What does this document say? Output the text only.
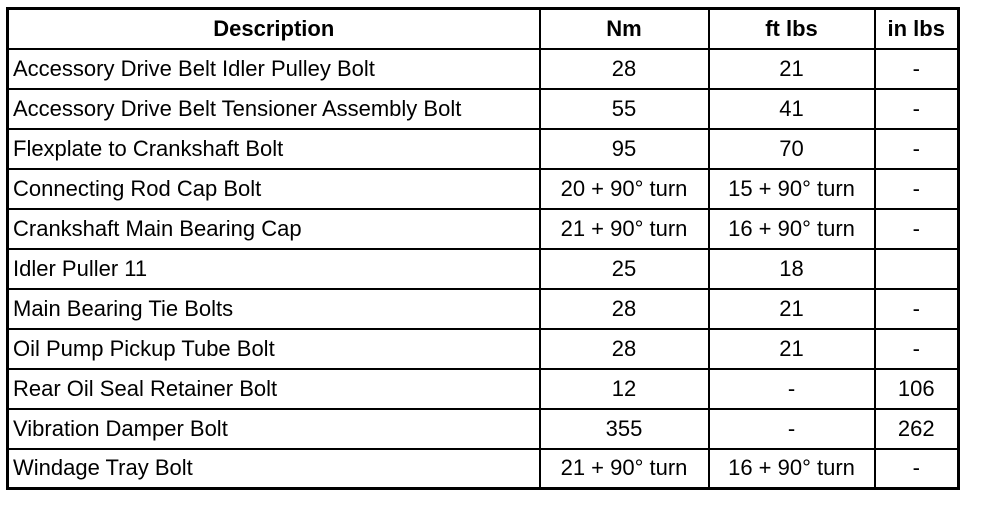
Description	Nm	ft lbs	in lbs
Accessory Drive Belt Idler Pulley Bolt	28	21	-
Accessory Drive Belt Tensioner Assembly Bolt	55	41	-
Flexplate to Crankshaft Bolt	95	70	-
Connecting Rod Cap Bolt	20 + 90° turn	15 + 90° turn	-
Crankshaft Main Bearing Cap	21 + 90° turn	16 + 90° turn	-
Idler Puller 11	25	18	
Main Bearing Tie Bolts	28	21	-
Oil Pump Pickup Tube Bolt	28	21	-
Rear Oil Seal Retainer Bolt	12	-	106
Vibration Damper Bolt	355	-	262
Windage Tray Bolt	21 + 90° turn	16 + 90° turn	-
